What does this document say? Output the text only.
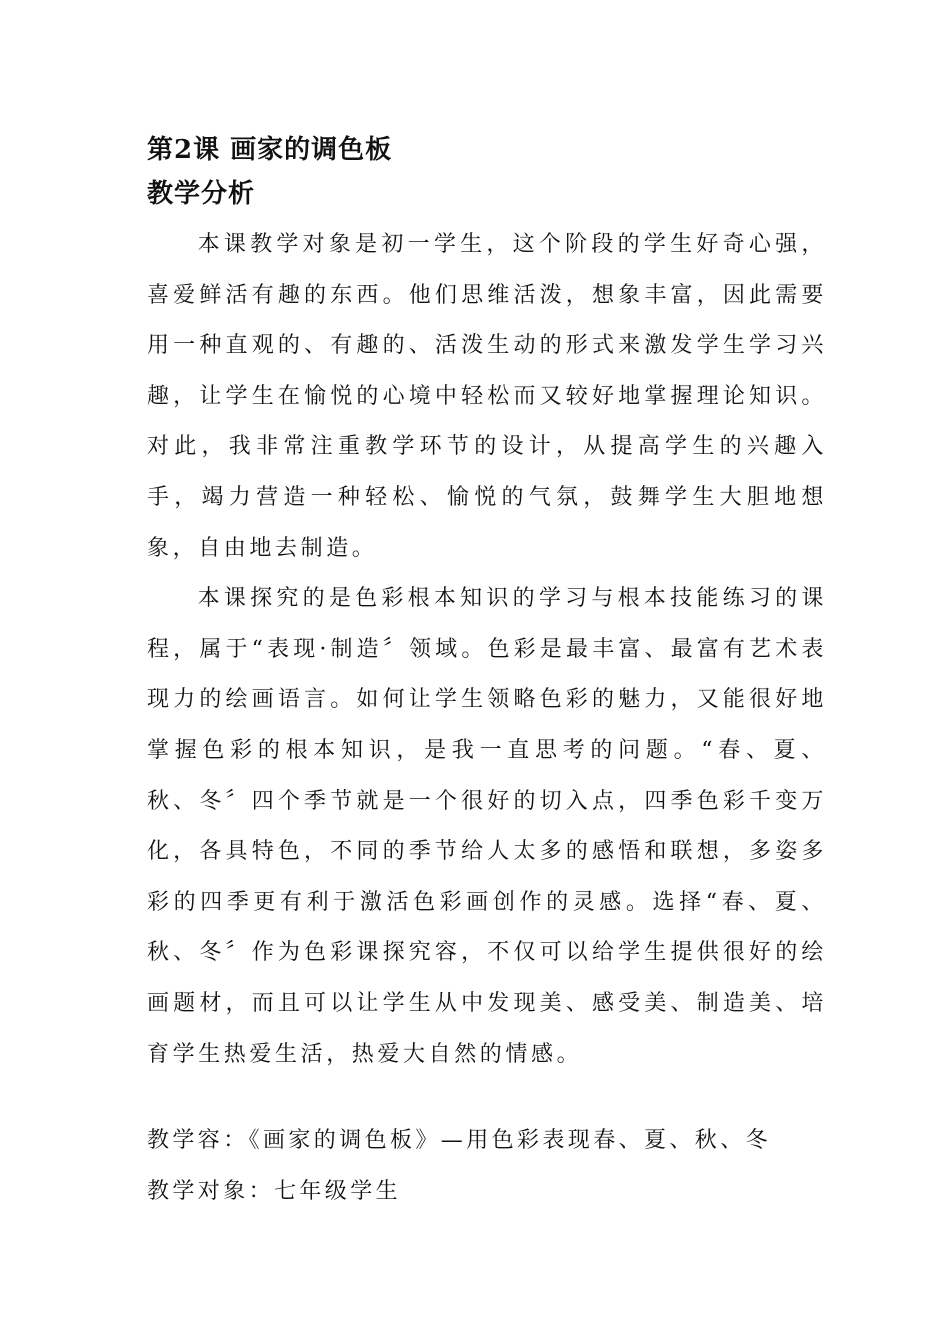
第2课 画家的调色板
教学分析

本课教学对象是初一学生，这个阶段的学生好奇心强，喜爱鲜活有趣的东西。他们思维活泼，想象丰富，因此需要用一种直观的、有趣的、活泼生动的形式来激发学生学习兴趣，让学生在愉悦的心境中轻松而又较好地掌握理论知识。对此，我非常注重教学环节的设计，从提高学生的兴趣入手，竭力营造一种轻松、愉悦的气氛，鼓舞学生大胆地想象，自由地去制造。

本课探究的是色彩根本知识的学习与根本技能练习的课程，属于“表现·制造〞领域。色彩是最丰富、最富有艺术表现力的绘画语言。如何让学生领略色彩的魅力，又能很好地掌握色彩的根本知识，是我一直思考的问题。“春、夏、秋、冬〞四个季节就是一个很好的切入点，四季色彩千变万化，各具特色，不同的季节给人太多的感悟和联想，多姿多彩的四季更有利于激活色彩画创作的灵感。选择“春、夏、秋、冬〞作为色彩课探究容，不仅可以给学生提供很好的绘画题材，而且可以让学生从中发现美、感受美、制造美、培育学生热爱生活，热爱大自然的情感。

教学容：《画家的调色板》—用色彩表现春、夏、秋、冬

教学对象：七年级学生
